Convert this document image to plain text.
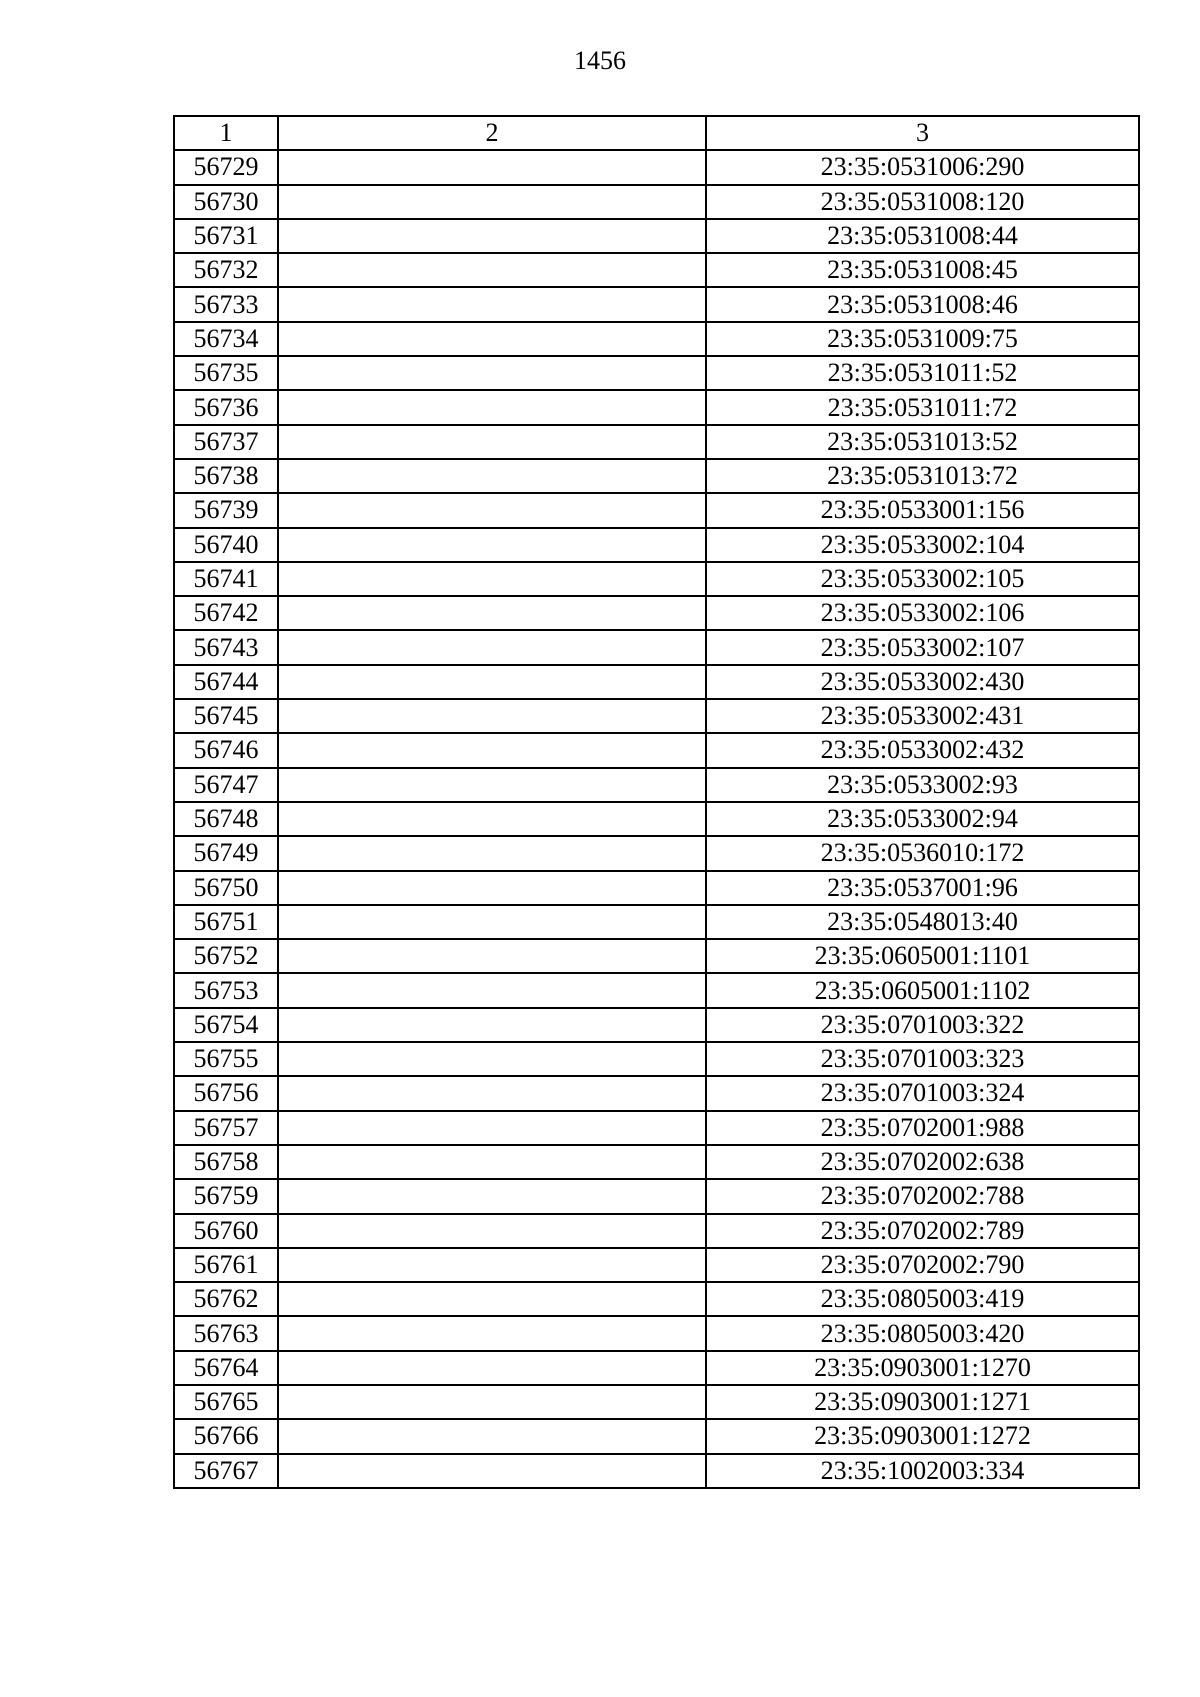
1456
1	2	3
56729		23:35:0531006:290
56730		23:35:0531008:120
56731		23:35:0531008:44
56732		23:35:0531008:45
56733		23:35:0531008:46
56734		23:35:0531009:75
56735		23:35:0531011:52
56736		23:35:0531011:72
56737		23:35:0531013:52
56738		23:35:0531013:72
56739		23:35:0533001:156
56740		23:35:0533002:104
56741		23:35:0533002:105
56742		23:35:0533002:106
56743		23:35:0533002:107
56744		23:35:0533002:430
56745		23:35:0533002:431
56746		23:35:0533002:432
56747		23:35:0533002:93
56748		23:35:0533002:94
56749		23:35:0536010:172
56750		23:35:0537001:96
56751		23:35:0548013:40
56752		23:35:0605001:1101
56753		23:35:0605001:1102
56754		23:35:0701003:322
56755		23:35:0701003:323
56756		23:35:0701003:324
56757		23:35:0702001:988
56758		23:35:0702002:638
56759		23:35:0702002:788
56760		23:35:0702002:789
56761		23:35:0702002:790
56762		23:35:0805003:419
56763		23:35:0805003:420
56764		23:35:0903001:1270
56765		23:35:0903001:1271
56766		23:35:0903001:1272
56767		23:35:1002003:334
